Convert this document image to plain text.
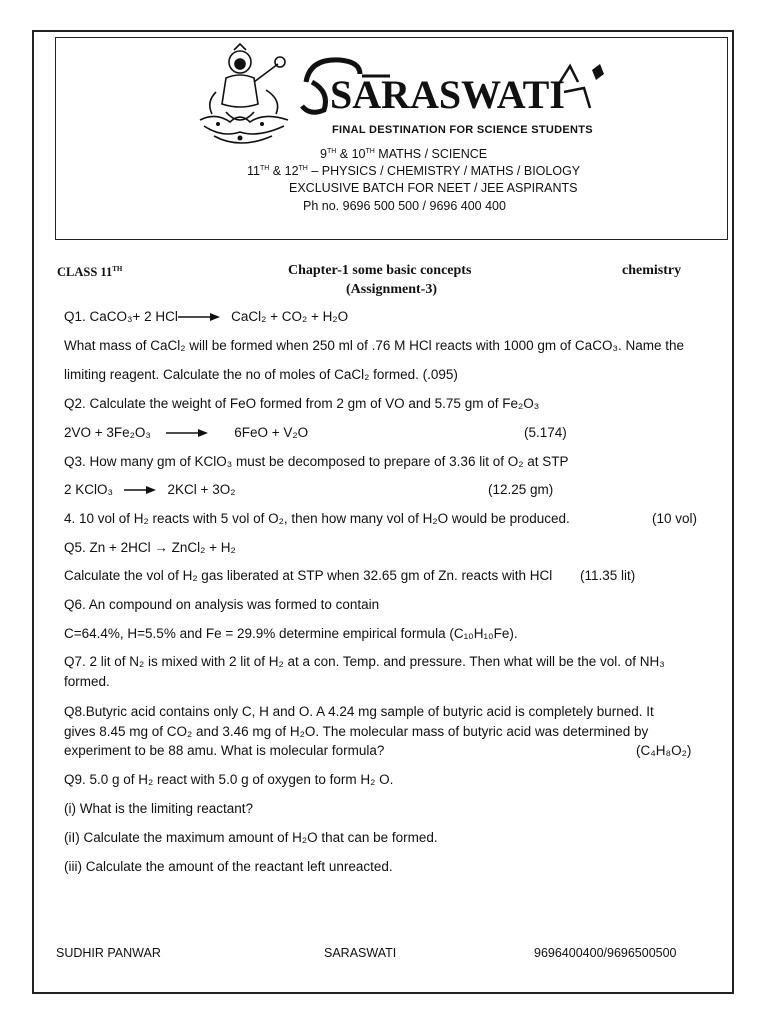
SARASWATI
FINAL DESTINATION FOR SCIENCE STUDENTS
9TH & 10TH MATHS / SCIENCE
11TH & 12TH – PHYSICS / CHEMISTRY / MATHS / BIOLOGY
EXCLUSIVE BATCH FOR NEET / JEE ASPIRANTS
Ph no. 9696 500 500 / 9696 400 400
CLASS 11TH	Chapter-1 some basic concepts
(Assignment-3)
chemistry
Q1. CaCO₃+ 2 HCl	CaCl₂ + CO₂ + H₂O
What mass of CaCl₂ will be formed when 250 ml of .76 M HCl reacts with 1000 gm of CaCO₃. Name the
limiting reagent. Calculate the no of moles of CaCl₂ formed. (.095)
Q2. Calculate the weight of FeO formed from 2 gm of VO and 5.75 gm of Fe₂O₃
2VO + 3Fe₂O₃	6FeO + V₂O	(5.174)
Q3. How many gm of KClO₃ must be decomposed to prepare of 3.36 lit of O₂ at STP
2 KClO₃	2KCl + 3O₂	(12.25 gm)
4. 10 vol of H₂ reacts with 5 vol of O₂, then how many vol of H₂O would be produced.	(10 vol)
Q5. Zn + 2HCl → ZnCl₂ + H₂
Calculate the vol of H₂ gas liberated at STP when 32.65 gm of Zn. reacts with HCl (11.35 lit)
Q6. An compound on analysis was formed to contain
C=64.4%, H=5.5% and Fe = 29.9% determine empirical formula (C₁₀H₁₀Fe).
Q7. 2 lit of N₂ is mixed with 2 lit of H₂ at a con. Temp. and pressure. Then what will be the vol. of NH₃
formed.
Q8.Butyric acid contains only C, H and O. A 4.24 mg sample of butyric acid is completely burned. It
gives 8.45 mg of CO₂ and 3.46 mg of H₂O. The molecular mass of butyric acid was determined by
experiment to be 88 amu. What is molecular formula?	(C₄H₈O₂)
Q9. 5.0 g of H₂ react with 5.0 g of oxygen to form H₂ O.
(i) What is the limiting reactant?
(iI) Calculate the maximum amount of H₂O that can be formed.
(iii) Calculate the amount of the reactant left unreacted.
SUDHIR PANWAR	SARASWATI	9696400400/9696500500
